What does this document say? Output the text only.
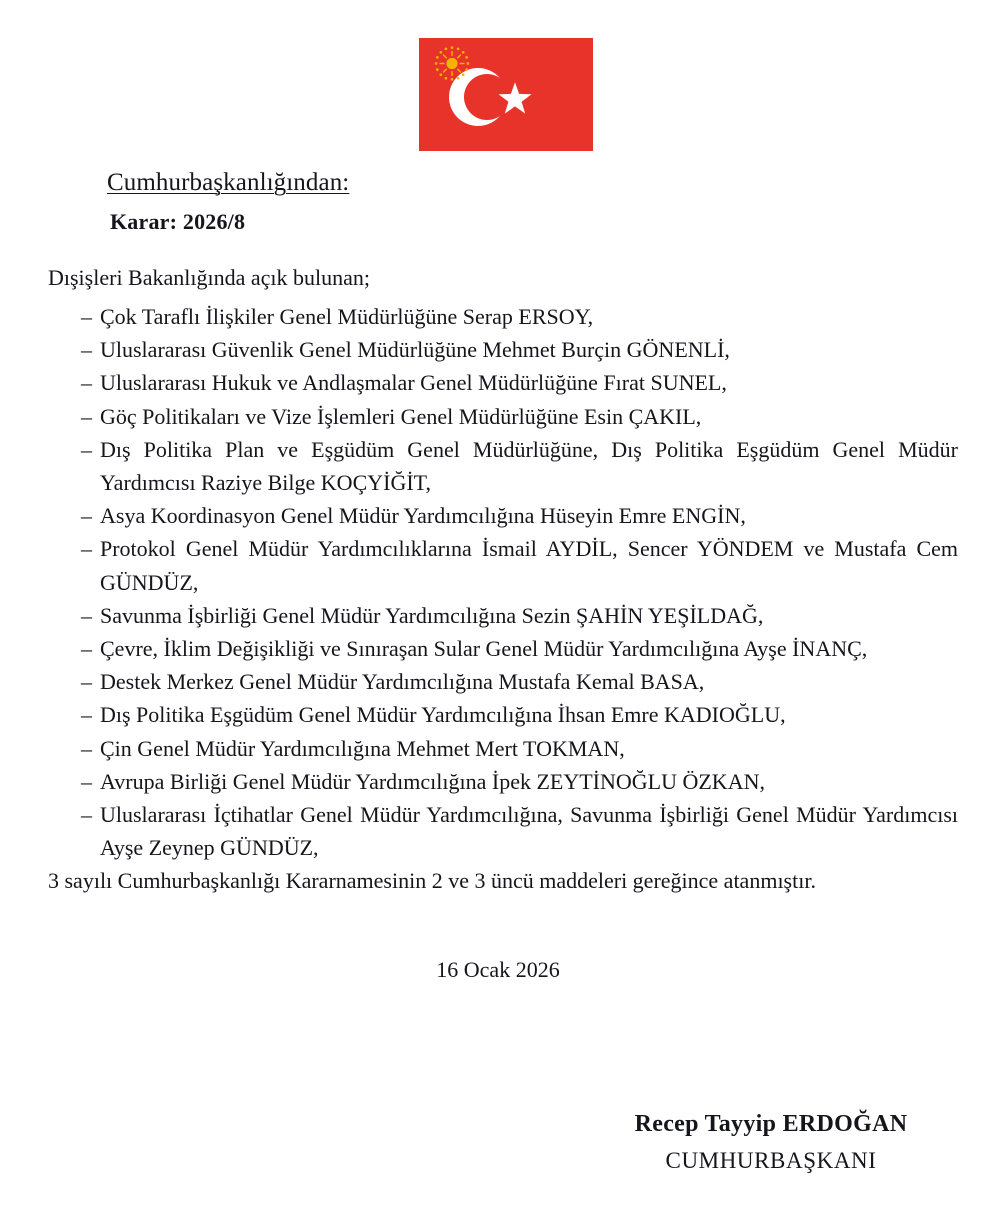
Cumhurbaşkanlığından:

Karar: 2026/8

Dışişleri Bakanlığında açık bulunan;

– Çok Taraflı İlişkiler Genel Müdürlüğüne Serap ERSOY,
– Uluslararası Güvenlik Genel Müdürlüğüne Mehmet Burçin GÖNENLİ,
– Uluslararası Hukuk ve Andlaşmalar Genel Müdürlüğüne Fırat SUNEL,
– Göç Politikaları ve Vize İşlemleri Genel Müdürlüğüne Esin ÇAKIL,
– Dış Politika Plan ve Eşgüdüm Genel Müdürlüğüne, Dış Politika Eşgüdüm Genel Müdür Yardımcısı Raziye Bilge KOÇYİĞİT,
– Asya Koordinasyon Genel Müdür Yardımcılığına Hüseyin Emre ENGİN,
– Protokol Genel Müdür Yardımcılıklarına İsmail AYDİL, Sencer YÖNDEM ve Mustafa Cem GÜNDÜZ,
– Savunma İşbirliği Genel Müdür Yardımcılığına Sezin ŞAHİN YEŞİLDAĞ,
– Çevre, İklim Değişikliği ve Sınıraşan Sular Genel Müdür Yardımcılığına Ayşe İNANÇ,
– Destek Merkez Genel Müdür Yardımcılığına Mustafa Kemal BASA,
– Dış Politika Eşgüdüm Genel Müdür Yardımcılığına İhsan Emre KADIOĞLU,
– Çin Genel Müdür Yardımcılığına Mehmet Mert TOKMAN,
– Avrupa Birliği Genel Müdür Yardımcılığına İpek ZEYTİNOĞLU ÖZKAN,
– Uluslararası İçtihatlar Genel Müdür Yardımcılığına, Savunma İşbirliği Genel Müdür Yardımcısı Ayşe Zeynep GÜNDÜZ,

3 sayılı Cumhurbaşkanlığı Kararnamesinin 2 ve 3 üncü maddeleri gereğince atanmıştır.

16 Ocak 2026

Recep Tayyip ERDOĞAN

CUMHURBAŞKANI
